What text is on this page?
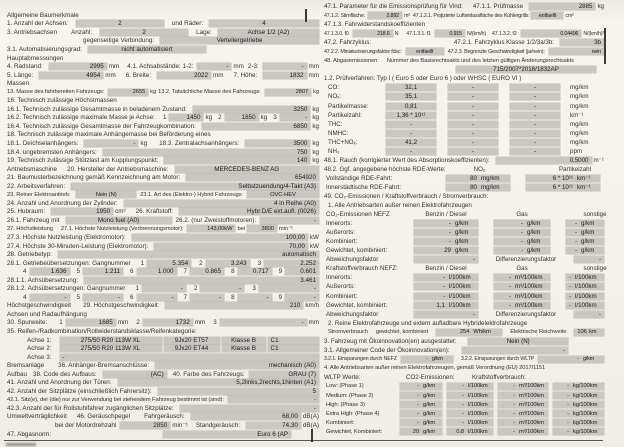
Allgemeine Baumerkmale
1. Anzahl der Achsen:	2	und Räder:	4
3. Antriebsachsen Anzahl:	2	Lage:	Achse 1/2 (A2)
gegenseitige Verbindung:	Verteilergetriebe
3.1. Automatisierungsgrad:	nicht automatisiert
Hauptabmessungen
4. Radstand:	2995 mm 4.1. Achsabstände: 1-2:	- mm 2-3:	- mm
5. Länge:	4954 mm 6. Breite:	2022 mm 7. Höhe:	1832 mm
Massen
13. Masse des fahrbereiten Fahrzeugs:	2655 kg 13.2. Tatsächliche Masse des Fahrzeugs:	2807 kg
16. Technisch zulässige Höchstmassen
16.1. Technisch zulässige Gesamtmasse in beladenem Zustand:	3250 kg
16.2. Technisch zulässige maximale Masse je Achse: 1	1450 kg 2	1850 kg 3	- kg
16.4. Technisch zulässige Gesamtmasse der Fahrzeugkombination:	6850 kg
18. Technisch zulässige maximale Anhängemasse bei Beförderung eines
18.1. Deichselanhängers:	- kg 18.3. Zentralachsanhängers:	3500 kg
18.4. ungebremsten Anhängers:	750 kg
19. Technisch zulässige Stützlast am Kupplungspunkt:	140 kg
Antriebsmaschine 20. Hersteller der Antriebsmaschine:	MERCEDES-BENZ AG
21. Baumusterbezeichnung gemäß Kennzeichnung am Motor:	654920
22. Arbeitsverfahren:	Selbstzuendung/4-Takt (A3)
23. Reiner Elektroantrieb:	Nein (N)	23.1. Art des (Elektro-) Hybrid Fahrzeugs:	OVC-HEV
24. Anzahl und Anordnung der Zylinder:	4 in Reihe (A0)
25. Hubraum:	1950 cm³ 26. Kraftstoff:	Hybr.D/E ext.aufl. (0026)
26.1. Fahrzeug mit	Mono fuel (A0)	26.2. (nur Zweistoffmotoren):	-
27. Höchstleistung 27.1. Höchste Nutzleistung (Verbrennungsmotor):	143,00kW bei	3800 min⁻¹
27.3. Höchste Nutzleistung (Elektromotor):	100,00 kW
27.4. Höchste 30-Minuten-Leistung (Elektromotor):	70,00 kW
28. Getriebetyp:	automatisch
28.1. Getriebeübersetzungen: Gangnummer 1	5.354	2	3.243	3	2.252
4	1.636	5	1.211	6	1.000	7	0.865	8	0.717	9	0.601
28.1.1. Achsübersetzung:	3.461
28.1.2. Achsübersetzungen: Gangnummer 1	-	2	-	3	-
4	-	5	-	6	-	7	-	8	-	9	-
Höchstgeschwindigkeit 29. Höchstgeschwindigkeit:	210 km/h
Achsen und Radaufhängung
30. Spurweite: 1	1685 mm 2	1732 mm 3	- mm
35. Reifen-/Radkombination/Rollwiderstandsklasse/Reifenkategorie:
Achse 1:	275/50 R20 113W XL	9Jx20 ET57	Klasse B	C1
Achse 2:	275/50 R20 113W XL	9Jx20 ET44	Klasse B	C1
Achse 3:	-
Bremsanlage 36. Anhänger-Bremsanschlüsse:	mechanisch (A0)
Aufbau 38. Code des Aufbaus:	(AC)	40. Farbe des Fahrzeugs:	GRAU (7)
41. Anzahl und Anordnung der Türen:	5,2links,2rechts,1hinten (A1)
42. Anzahl der Sitzplätze (einschließlich Fahrersitz):	5
42.1. Sitz(e), der (die) nur zur Verwendung bei stehendem Fahrzeug bestimmt ist (sind):	-
42.3. Anzahl der für Rollstuhlfahrer zugänglichen Sitzplätze:	-
Umweltverträglichkeit 46. Geräuschpegel Fahrgeräusch:	68,00 dB(A)
bei der Motordrehzahl	2850 min⁻¹ Standgeräusch:	74,30 dB(A)
47. Abgasnorm:	Euro 6 (AP
47.1. Parameter für die Emissionsprüfung für Vind: 47.1.1. Prüfmasse	2885 kg
47.1.2. Stirnfläche:	2.892 m² 47.1.2.1. Projizierte Lufteinlassfläche des Kühlergrills:	entfaellt	cm²
47.1.3. Fahrwiderstandskoeffizienten
47.1.3.0. f0	218.6 N 47.1.3.1. f1	0.915 N/(km/h) 47.1.3.2. f2	0.04496 N/(km/h)²
47.2. Fahrzyklus:	47.2.1. Fahrzyklus Klasse 1/2/3a/3b:	3b
47.2.2. Miniaturisierungsfaktor fdsc:	entfaellt	47.2.3. Begrenzte Geschwindigkeit (ja/nein):	nein
48. Abgasemissionen: Nummer des Basisrechtsakts und des letzten gültigen Änderungsrechtsakts
715/2007*2018/1832AP
1.2. Prüfverfahren: Typ I ( Euro 5 oder Euro 6 ) oder WHSC ( EURO VI )
CO:	32,1	-	-	mg/km
NOₓ:	35,1	-	-	mg/km
Partikelmasse:	0,81	-	-	mg/km
Partikelzahl:	1,36 * 10¹¹	-	-	km⁻¹
THC:	-	-	-	mg/km
NMHC:	-	-	-	mg/km
THC+NOₓ:	41,2	-	-	mg/km
NH₃	-	-	-	ppm
48.1. Rauch (korrigierter Wert des Absorptionskoeffizienten):	0,5000 m⁻¹
48.2. Ggf. angegebene höchste RDE-Werte:	NOₓ	Partikelzahl
Vollständige RDE-Fahrt:	80 mg/km	6 * 10¹¹ km⁻¹
Innerstädtische RDE-Fahrt:	80 mg/km	6 * 10¹¹ km⁻¹
49. CO₂-Emissionen / Kraftstoffverbrauch / Stromverbrauch:
1. Alle Antriebsarten außer reinen Elektrofahrzeugen
CO₂-Emissionen NEFZ	Benzin / Diesel	Gas	sonstige
Innerorts:	- g/km	- g/km	- g/km
Außerorts:	- g/km	- g/km	- g/km
Kombiniert:	- g/km	- g/km	- g/km
Gewichtet, kombiniert:	29 g/km	- g/km	- g/km
Abweichungsfaktor	-	Differenzierungsfaktor	-
Kraftstoffverbrauch NEFZ:	Benzin / Diesel	Gas	sonstige
Innerorts:	- l/100km	- m³/100km	- l/100km
Außerorts:	- l/100km	- m³/100km	- l/100km
Kombiniert:	- l/100km	- m³/100km	- l/100km
Gewichtet, kombiniert:	1,1 l/100km	- m³/100km	- l/100km
Abweichungsfaktor	-	Differenzierungsfaktor	-
2. Reine Elektrofahrzeuge und extern aufladbare Hybridelektrofahrzeuge
Stromverbrauch gewichtet, kombiniert	254 Wh/km	Elektrische Reichweite 106 km
3. Fahrzeug mit Ökoinnovation(en) ausgestattet:	Nein (N)
3.1. Allgemeiner Code der Ökoinnovation(en):	-
3.2.1. Einsparungen durch NEFZ	- g/km	3.2.2. Einsparungen durch WLTP	- g/km
4. Alle Antriebsarten außer reinen Elektrofahrzeugen, gemäß Verordnung (EU) 2017/1151
WLTP Werte:	CO2-Emissionen:	Kraftstoffverbrauch:
Low: (Phase 1)	- g/km	- l/100km	- m³/100km	- kg/100km
Medium: (Phase 2)	- g/km	- l/100km	- m³/100km	- kg/100km
High: (Phase 3)	- g/km	- l/100km	- m³/100km	- kg/100km
Extra High: (Phase 4)	- g/km	- l/100km	- m³/100km	- kg/100km
Kombiniert:	- g/km	- l/100km	- m³/100km	- kg/100km
Gewichtet, Kombiniert:	20 g/km	0,8 l/100km	- m³/100km	- kg/100km
